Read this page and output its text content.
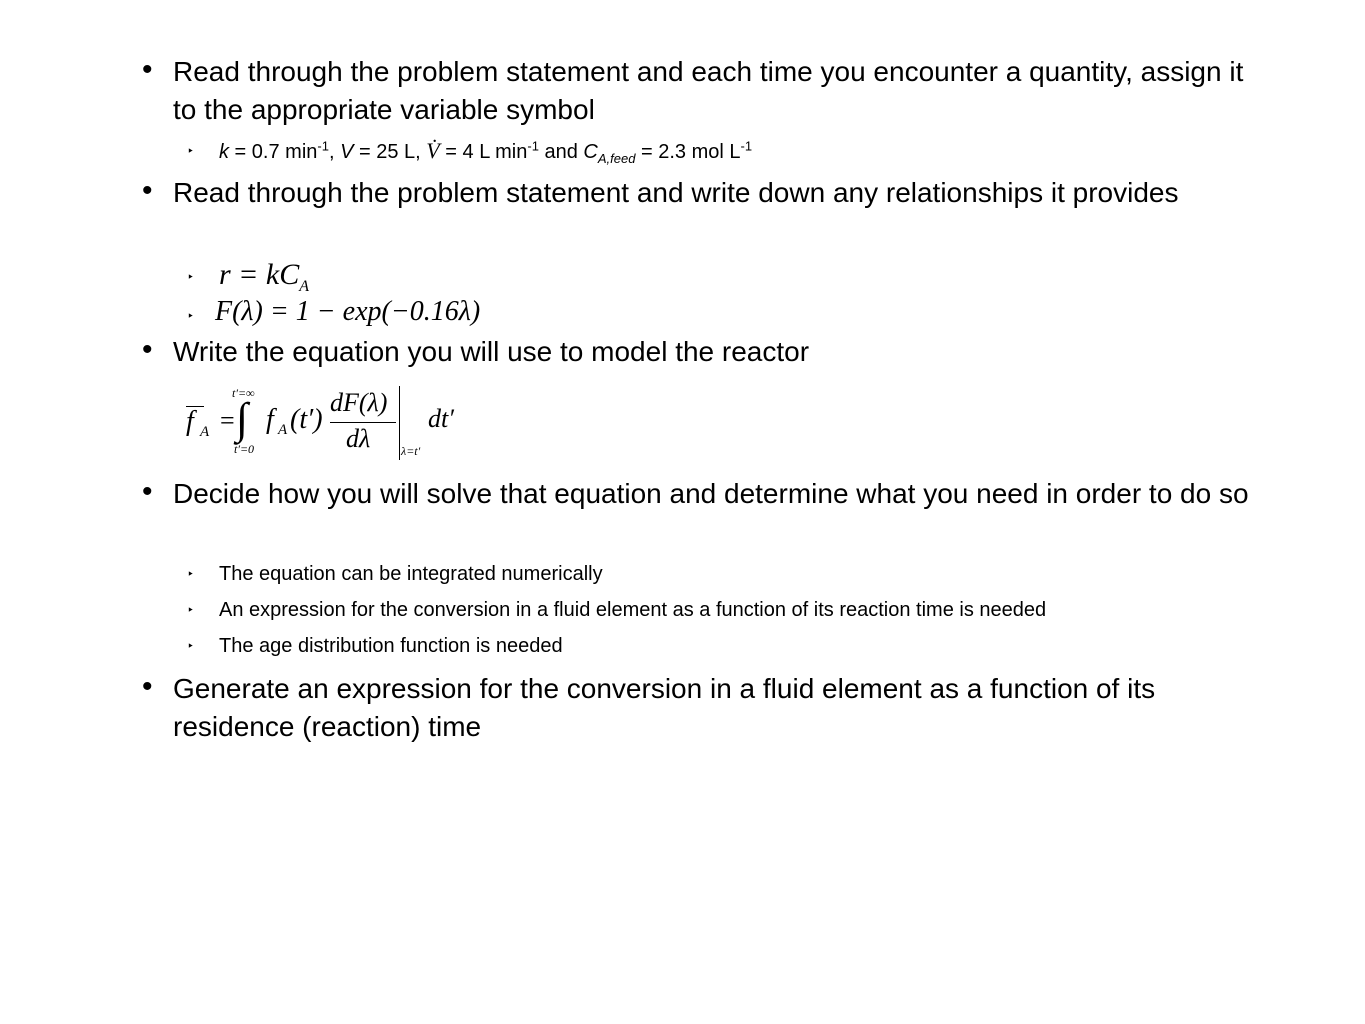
• Read through the problem statement and each time you encounter a quantity, assign it to the appropriate variable symbol
‣ k = 0.7 $\min^{-1}$, V = 25 L, V̇ = 4 L $\min^{-1}$ and $C_{A,feed} = 2.3$ mol $L^{-1}$
• Read through the problem statement and write down any relationships it provides
‣ $r = kC_A$
‣ F(λ) = 1 − exp(−0.16λ)
• Write the equation you will use to model the reactor
f A =
t′=∞
∫
t′=0
f A (t′)
dF(λ)
dλ	λ=t′
dt′
• Decide how you will solve that equation and determine what you need in order to do so
‣ The equation can be integrated numerically
‣ An expression for the conversion in a fluid element as a function of its reaction time is needed
‣ The age distribution function is needed
• Generate an expression for the conversion in a fluid element as a function of its residence (reaction) time
